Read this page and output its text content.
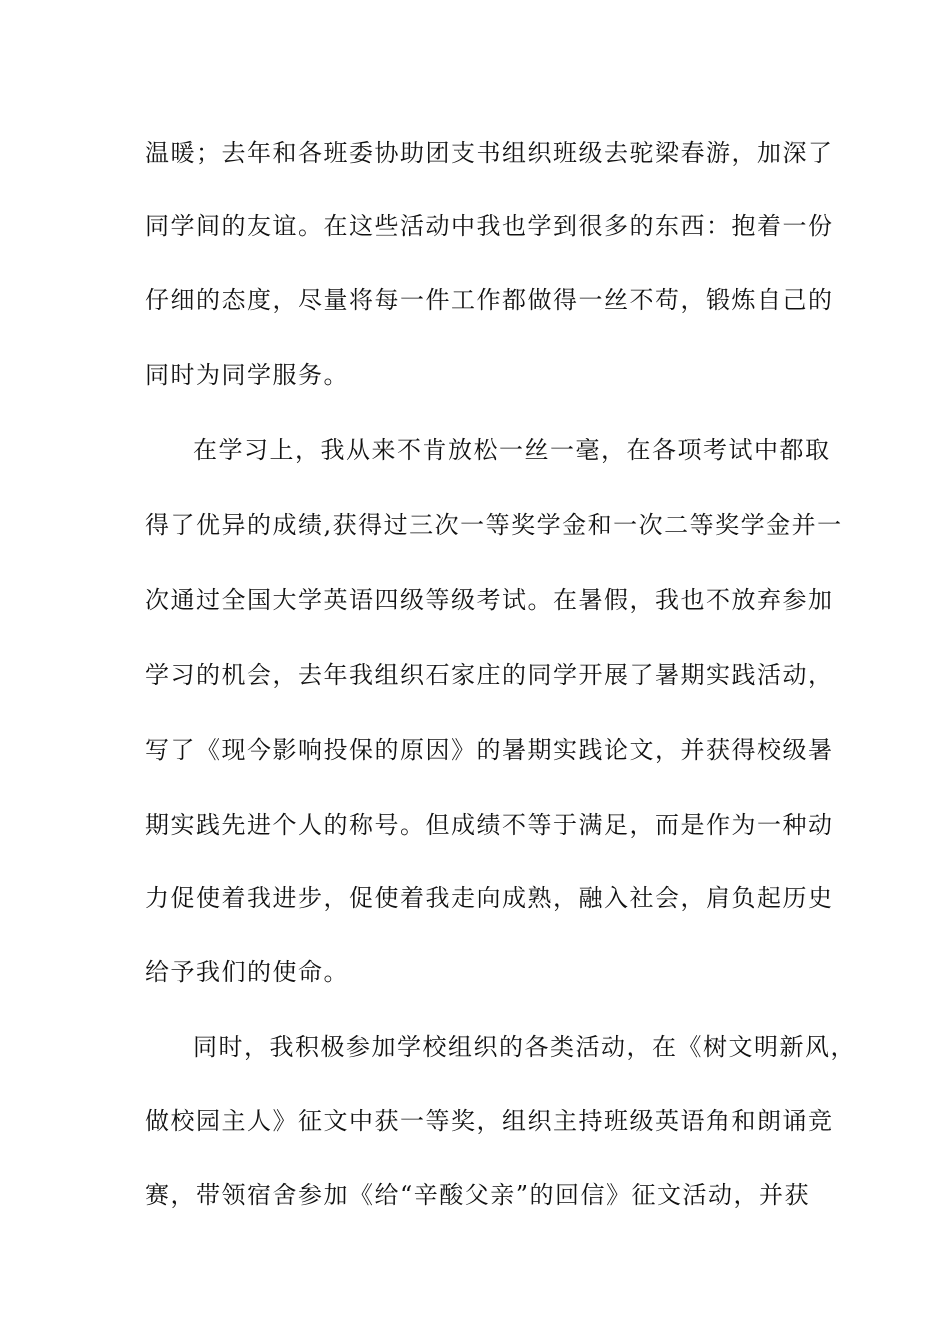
温暖；去年和各班委协助团支书组织班级去驼梁春游，加深了
同学间的友谊。在这些活动中我也学到很多的东西：抱着一份
仔细的态度，尽量将每一件工作都做得一丝不苟，锻炼自己的
同时为同学服务。
在学习上，我从来不肯放松一丝一毫，在各项考试中都取
得了优异的成绩,获得过三次一等奖学金和一次二等奖学金并一
次通过全国大学英语四级等级考试。在暑假，我也不放弃参加
学习的机会，去年我组织石家庄的同学开展了暑期实践活动，
写了《现今影响投保的原因》的暑期实践论文，并获得校级暑
期实践先进个人的称号。但成绩不等于满足，而是作为一种动
力促使着我进步，促使着我走向成熟，融入社会，肩负起历史
给予我们的使命。
同时，我积极参加学校组织的各类活动，在《树文明新风，
做校园主人》征文中获一等奖，组织主持班级英语角和朗诵竞
赛，带领宿舍参加《给“辛酸父亲”的回信》征文活动，并获
